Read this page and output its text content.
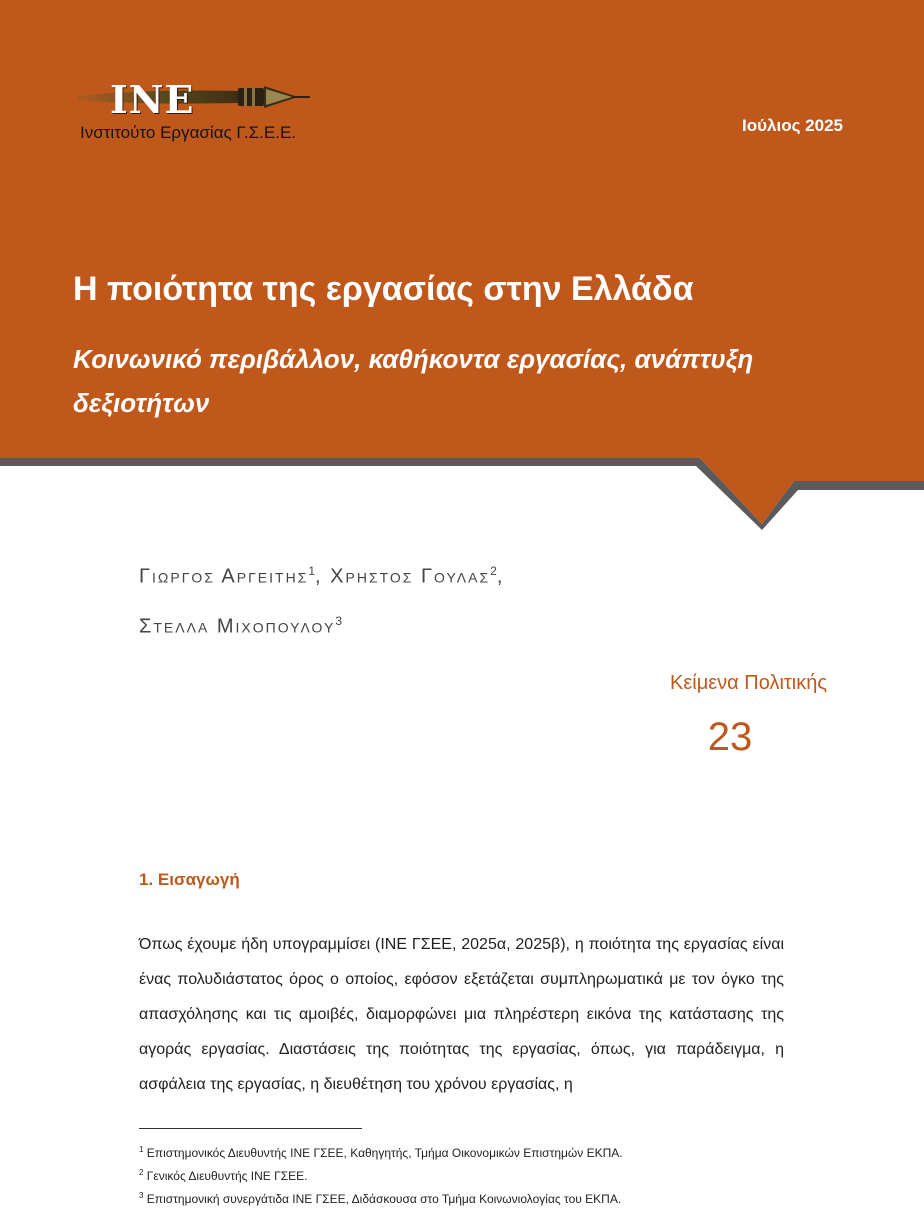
ΙΝΕ
Ινστιτούτο Εργασίας Γ.Σ.Ε.Ε.	Ιούλιος 2025
Η ποιότητα της εργασίας στην Ελλάδα
Κοινωνικό περιβάλλον, καθήκοντα εργασίας, ανάπτυξη δεξιοτήτων
Γιωργος Αργειτης$^1$, Χρηστος Γουλας$^2$,
Στελλα Μιχοπουλου$^3$
Κείμενα Πολιτικής
23
1. Εισαγωγή

Όπως έχουμε ήδη υπογραμμίσει (ΙΝΕ ΓΣΕΕ, 2025α, 2025β), η ποιότητα της εργασίας είναι ένας πολυδιάστατος όρος ο οποίος, εφόσον εξετάζεται συμπληρωματικά με τον όγκο της απασχόλησης και τις αμοιβές, διαμορφώνει μια πληρέστερη εικόνα της κατάστασης της αγοράς εργασίας. Διαστάσεις της ποιότητας της εργασίας, όπως, για παράδειγμα, η ασφάλεια της εργασίας, η διευθέτηση του χρόνου εργασίας, η

$^1$ Επιστημονικός Διευθυντής ΙΝΕ ΓΣΕΕ, Καθηγητής, Τμήμα Οικονομικών Επιστημών ΕΚΠΑ.
$^2$ Γενικός Διευθυντής ΙΝΕ ΓΣΕΕ.
$^3$ Επιστημονική συνεργάτιδα ΙΝΕ ΓΣΕΕ, Διδάσκουσα στο Τμήμα Κοινωνιολογίας του ΕΚΠΑ.
